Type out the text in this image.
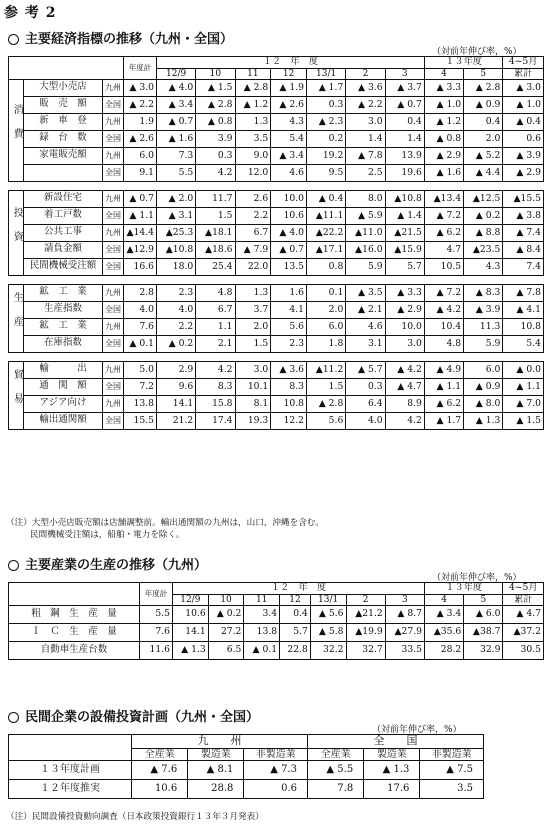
参 考 2
主要経済指標の推移（九州・全国）
（対前年伸び率，%）
			年度計	１２　年　度							１３年度		4~5月
				12/9	10	11	12	13/1	2	3	4	5	累計
消費	大型小売店	九州	▲ 3.0	▲ 4.0	▲ 1.5	▲ 2.8	▲ 1.9	▲ 1.7	▲ 3.6	▲ 3.7	▲ 3.3	▲ 2.8	▲ 3.0
	販　売　額	全国	▲ 2.2	▲ 3.4	▲ 2.8	▲ 1.2	▲ 2.6	0.3	▲ 2.2	▲ 0.7	▲ 1.0	▲ 0.9	▲ 1.0
	新　車　登	九州	1.9	▲ 0.7	▲ 0.8	1.3	4.3	▲ 2.3	3.0	0.4	▲ 1.2	0.4	▲ 0.4
	録　台　数	全国	▲ 2.6	▲ 1.6	3.9	3.5	5.4	0.2	1.4	1.4	▲ 0.8	2.0	0.6
	家電販売額	九州	6.0	7.3	0.3	9.0	▲ 3.4	19.2	▲ 7.8	13.9	▲ 2.9	▲ 5.2	▲ 3.9
		全国	9.1	5.5	4.2	12.0	4.6	9.5	2.5	19.6	▲ 1.6	▲ 4.4	▲ 2.9

投資	新設住宅	九州	▲ 0.7	▲ 2.0	11.7	2.6	10.0	▲ 0.4	8.0	▲10.8	▲13.4	▲12.5	▲15.5
	着工戸数	全国	▲ 1.1	▲ 3.1	1.5	2.2	10.6	▲11.1	▲ 5.9	▲ 1.4	▲ 7.2	▲ 0.2	▲ 3.8
	公共工事	九州	▲14.4	▲25.3	▲18.1	6.7	▲ 4.0	▲22.2	▲11.0	▲21.5	▲ 6.2	▲ 8.8	▲ 7.4
	請負金額	全国	▲12.9	▲10.8	▲18.6	▲ 7.9	▲ 0.7	▲17.1	▲16.0	▲15.9	4.7	▲23.5	▲ 8.4
	民間機械受注額	全国	16.6	18.0	25.4	22.0	13.5	0.8	5.9	5.7	10.5	4.3	7.4

生産	鉱　工　業	九州	2.8	2.3	4.8	1.3	1.6	0.1	▲ 3.5	▲ 3.3	▲ 7.2	▲ 8.3	▲ 7.8
	生産指数	全国	4.0	4.0	6.7	3.7	4.1	2.0	▲ 2.1	▲ 2.9	▲ 4.2	▲ 3.9	▲ 4.1
	鉱　工　業	九州	7.6	2.2	1.1	2.0	5.6	6.0	4.6	10.0	10.4	11.3	10.8
	在庫指数	全国	▲ 0.1	▲ 0.2	2.1	1.5	2.3	1.8	3.1	3.0	4.8	5.9	5.4

貿易	輸　　　出	九州	5.0	2.9	4.2	3.0	▲ 3.6	▲11.2	▲ 5.7	▲ 4.2	▲ 4.9	6.0	▲ 0.0
	通　関　額	全国	7.2	9.6	8.3	10.1	8.3	1.5	0.3	▲ 4.7	▲ 1.1	▲ 0.9	▲ 1.1
	アジア向け	九州	13.8	14.1	15.8	8.1	10.8	▲ 2.8	6.4	8.9	▲ 6.2	▲ 8.0	▲ 7.0
	輸出通関額	全国	15.5	21.2	17.4	19.3	12.2	5.6	4.0	4.2	▲ 1.7	▲ 1.3	▲ 1.5
（注）大型小売店販売額は店舗調整前。輸出通関額の九州は，山口，沖縄を含む。
民間機械受注額は，船舶・電力を除く。
主要産業の生産の推移（九州）
（対前年伸び率，%）
	年度計	１２　年　度							１３年度		4~5月
		12/9	10	11	12	13/1	2	3	4	5	累計
粗　鋼　生　産　量	5.5	10.6	▲ 0.2	3.4	0.4	▲ 5.6	▲21.2	▲ 8.7	▲ 3.4	▲ 6.0	▲ 4.7
Ｉ　Ｃ　生　産　量	7.6	14.1	27.2	13.8	5.7	▲ 5.8	▲19.9	▲27.9	▲35.6	▲38.7	▲37.2
自動車生産台数	11.6	▲ 1.3	6.5	▲ 0.1	22.8	32.2	32.7	33.5	28.2	32.9	30.5
民間企業の設備投資計画（九州・全国）
（対前年伸び率，%）
	九　　州			全　　国		
	全産業	製造業	非製造業	全産業	製造業	非製造業
１３年度計画	▲ 7.6	▲ 8.1	▲ 7.3	▲ 5.5	▲ 1.3	▲ 7.5
１２年度推実	10.6	28.8	0.6	7.8	17.6	3.5
（注）民間設備投資動向調査（日本政策投資銀行１３年３月発表）
